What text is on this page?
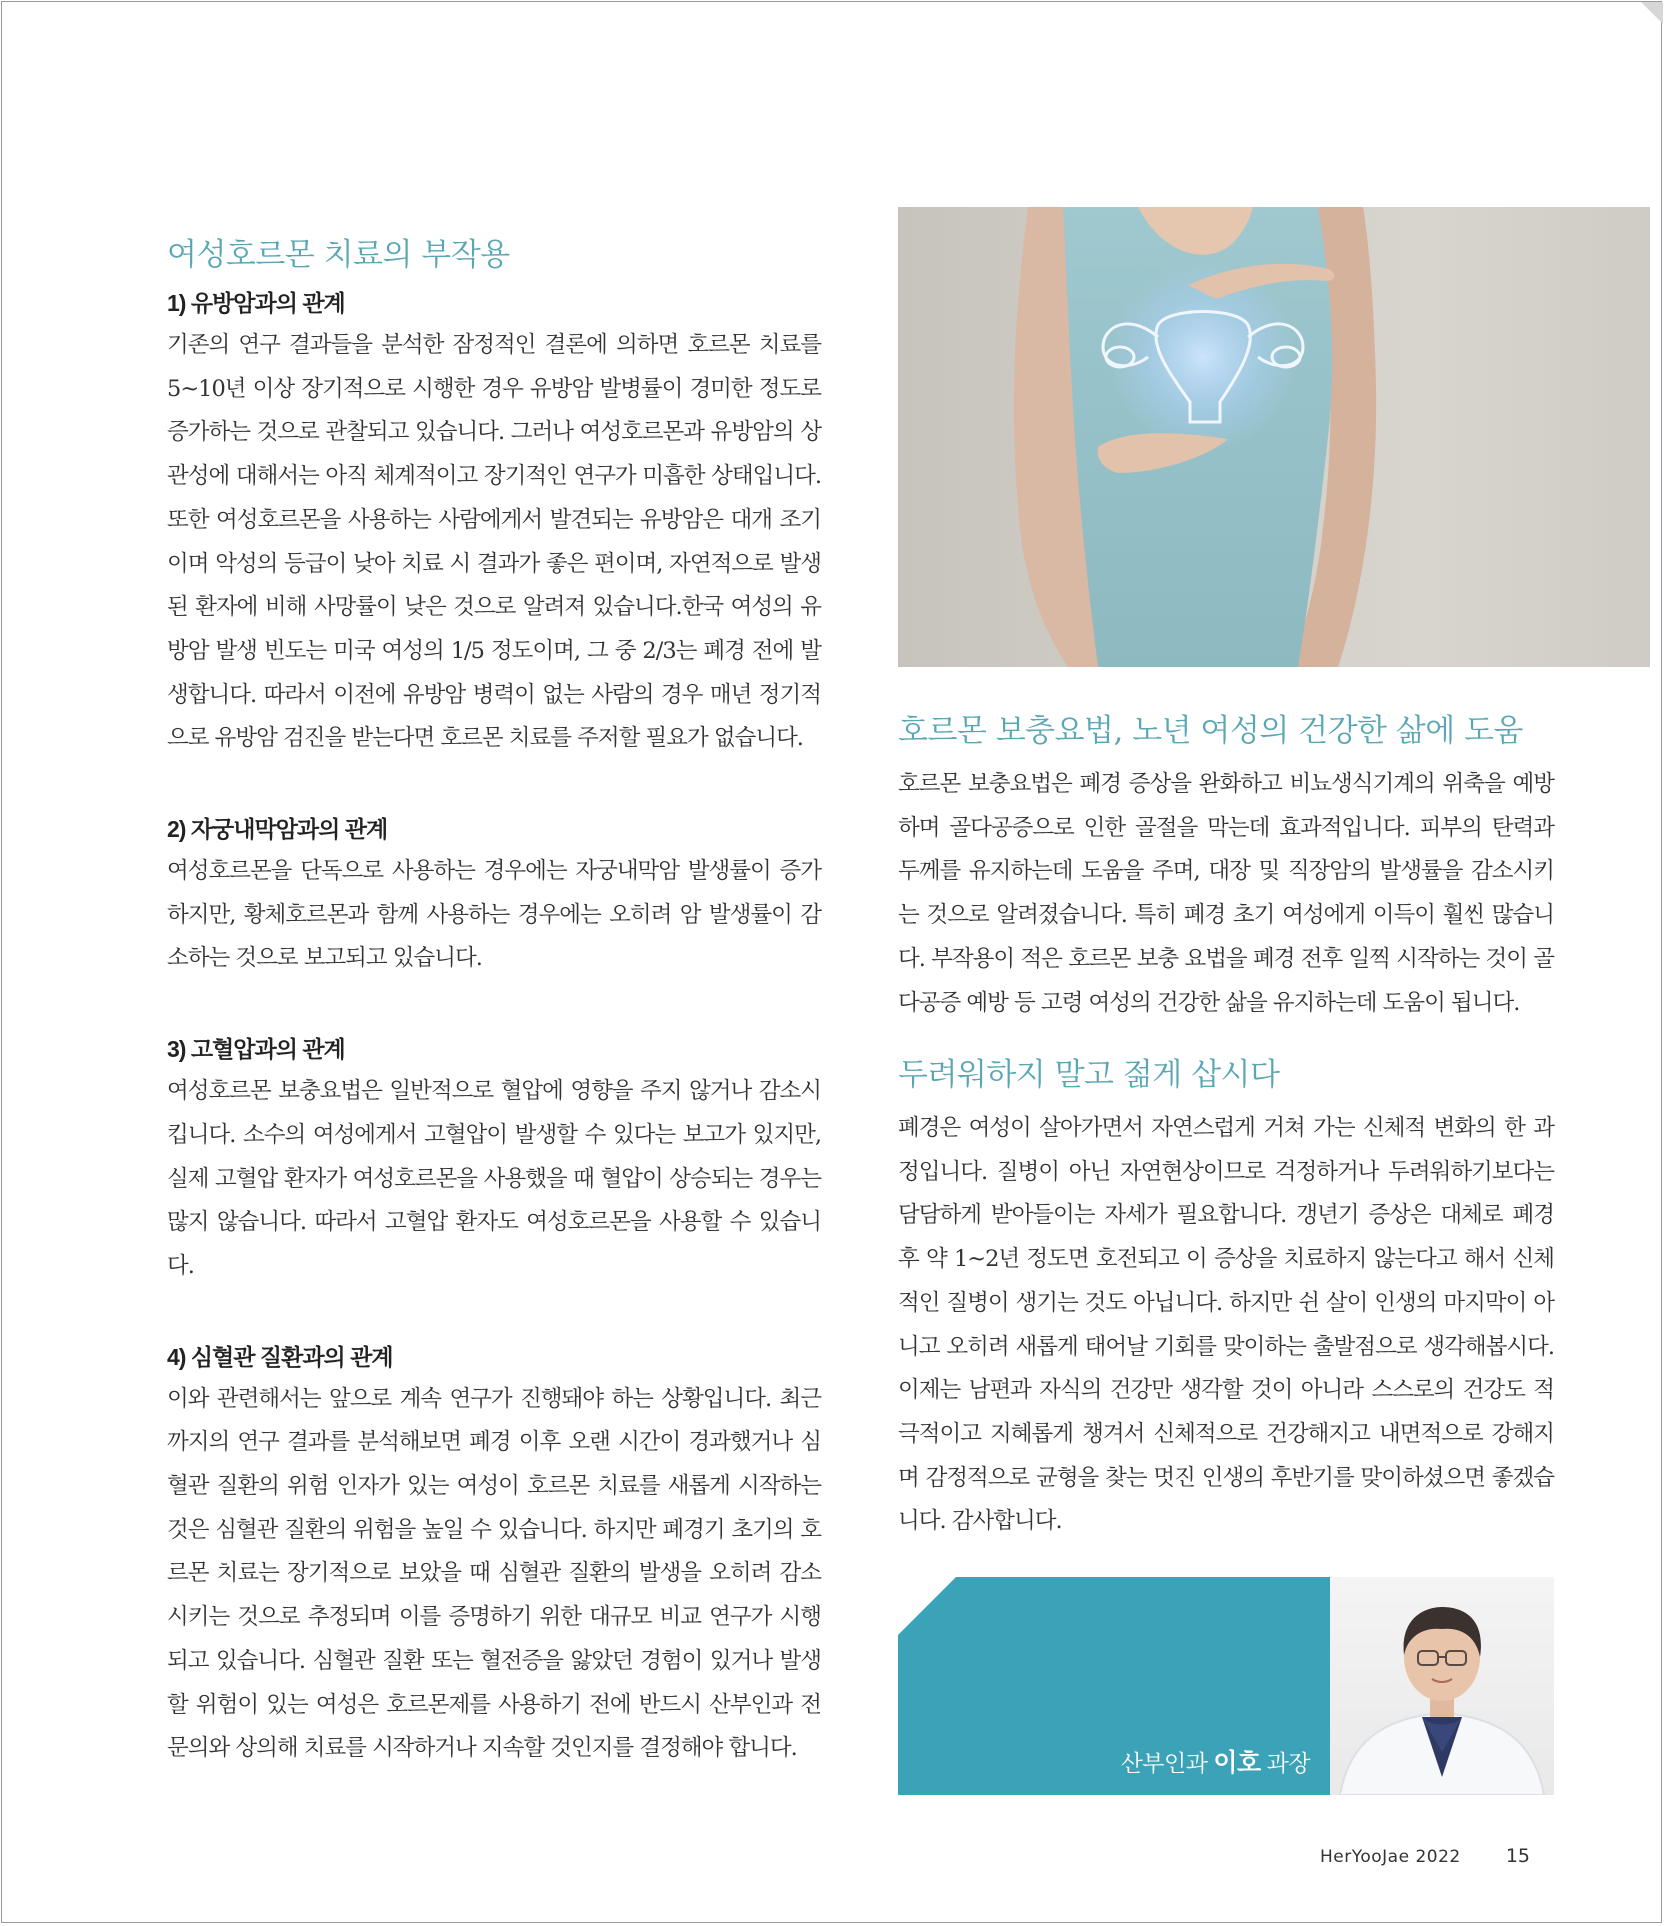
여성호르몬 치료의 부작용
1) 유방암과의 관계

기존의 연구 결과들을 분석한 잠정적인 결론에 의하면 호르몬 치료를 5~10년 이상 장기적으로 시행한 경우 유방암 발병률이 경미한 정도로 증가하는 것으로 관찰되고 있습니다. 그러나 여성호르몬과 유방암의 상관성에 대해서는 아직 체계적이고 장기적인 연구가 미흡한 상태입니다. 또한 여성호르몬을 사용하는 사람에게서 발견되는 유방암은 대개 조기이며 악성의 등급이 낮아 치료 시 결과가 좋은 편이며, 자연적으로 발생된 환자에 비해 사망률이 낮은 것으로 알려져 있습니다.한국 여성의 유방암 발생 빈도는 미국 여성의 1/5 정도이며, 그 중 2/3는 폐경 전에 발생합니다. 따라서 이전에 유방암 병력이 없는 사람의 경우 매년 정기적으로 유방암 검진을 받는다면 호르몬 치료를 주저할 필요가 없습니다.

2) 자궁내막암과의 관계

여성호르몬을 단독으로 사용하는 경우에는 자궁내막암 발생률이 증가하지만, 황체호르몬과 함께 사용하는 경우에는 오히려 암 발생률이 감소하는 것으로 보고되고 있습니다.

3) 고혈압과의 관계

여성호르몬 보충요법은 일반적으로 혈압에 영향을 주지 않거나 감소시킵니다. 소수의 여성에게서 고혈압이 발생할 수 있다는 보고가 있지만, 실제 고혈압 환자가 여성호르몬을 사용했을 때 혈압이 상승되는 경우는 많지 않습니다. 따라서 고혈압 환자도 여성호르몬을 사용할 수 있습니다.

4) 심혈관 질환과의 관계

이와 관련해서는 앞으로 계속 연구가 진행돼야 하는 상황입니다. 최근까지의 연구 결과를 분석해보면 폐경 이후 오랜 시간이 경과했거나 심혈관 질환의 위험 인자가 있는 여성이 호르몬 치료를 새롭게 시작하는 것은 심혈관 질환의 위험을 높일 수 있습니다. 하지만 폐경기 초기의 호르몬 치료는 장기적으로 보았을 때 심혈관 질환의 발생을 오히려 감소시키는 것으로 추정되며 이를 증명하기 위한 대규모 비교 연구가 시행되고 있습니다. 심혈관 질환 또는 혈전증을 앓았던 경험이 있거나 발생할 위험이 있는 여성은 호르몬제를 사용하기 전에 반드시 산부인과 전문의와 상의해 치료를 시작하거나 지속할 것인지를 결정해야 합니다.

호르몬 보충요법, 노년 여성의 건강한 삶에 도움

호르몬 보충요법은 폐경 증상을 완화하고 비뇨생식기계의 위축을 예방하며 골다공증으로 인한 골절을 막는데 효과적입니다. 피부의 탄력과 두께를 유지하는데 도움을 주며, 대장 및 직장암의 발생률을 감소시키는 것으로 알려졌습니다. 특히 폐경 초기 여성에게 이득이 훨씬 많습니다. 부작용이 적은 호르몬 보충 요법을 폐경 전후 일찍 시작하는 것이 골다공증 예방 등 고령 여성의 건강한 삶을 유지하는데 도움이 됩니다.

두려워하지 말고 젊게 삽시다

폐경은 여성이 살아가면서 자연스럽게 거쳐 가는 신체적 변화의 한 과정입니다. 질병이 아닌 자연현상이므로 걱정하거나 두려워하기보다는 담담하게 받아들이는 자세가 필요합니다. 갱년기 증상은 대체로 폐경 후 약 1~2년 정도면 호전되고 이 증상을 치료하지 않는다고 해서 신체적인 질병이 생기는 것도 아닙니다. 하지만 쉰 살이 인생의 마지막이 아니고 오히려 새롭게 태어날 기회를 맞이하는 출발점으로 생각해봅시다. 이제는 남편과 자식의 건강만 생각할 것이 아니라 스스로의 건강도 적극적이고 지혜롭게 챙겨서 신체적으로 건강해지고 내면적으로 강해지며 감정적으로 균형을 찾는 멋진 인생의 후반기를 맞이하셨으면 좋겠습니다. 감사합니다.

산부인과 이호 과장
HerYooJae 2022 15
